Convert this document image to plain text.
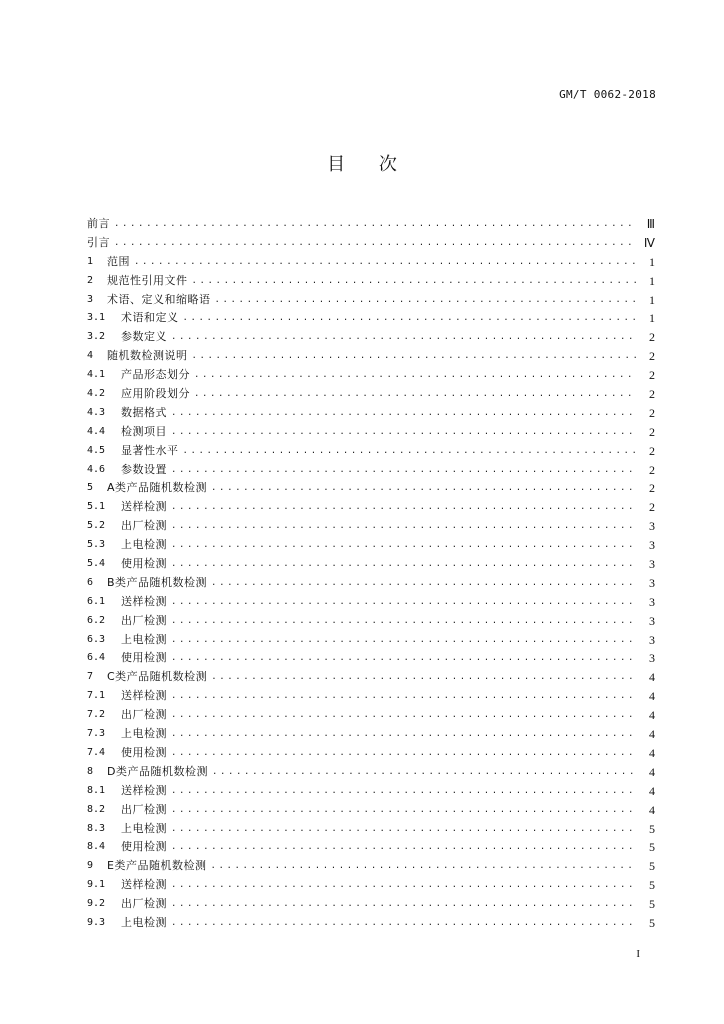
GM/T 0062-2018
目 次
前言 .....	Ⅲ
引言 .....	Ⅳ
1	范围 .....	1
2	规范性引用文件 .....	1
3	术语、定义和缩略语 .....	1
3.1	术语和定义 .....	1
3.2	参数定义 .....	2
4	随机数检测说明 .....	2
4.1	产品形态划分 .....	2
4.2	应用阶段划分 .....	2
4.3	数据格式 .....	2
4.4	检测项目 .....	2
4.5	显著性水平 .....	2
4.6	参数设置 .....	2
5	A类产品随机数检测 .....	2
5.1	送样检测 .....	2
5.2	出厂检测 .....	3
5.3	上电检测 .....	3
5.4	使用检测 .....	3
6	B类产品随机数检测 .....	3
6.1	送样检测 .....	3
6.2	出厂检测 .....	3
6.3	上电检测 .....	3
6.4	使用检测 .....	3
7	C类产品随机数检测 .....	4
7.1	送样检测 .....	4
7.2	出厂检测 .....	4
7.3	上电检测 .....	4
7.4	使用检测 .....	4
8	D类产品随机数检测 .....	4
8.1	送样检测 .....	4
8.2	出厂检测 .....	4
8.3	上电检测 .....	5
8.4	使用检测 .....	5
9	E类产品随机数检测 .....	5
9.1	送样检测 .....	5
9.2	出厂检测 .....	5
9.3	上电检测 .....	5
I
